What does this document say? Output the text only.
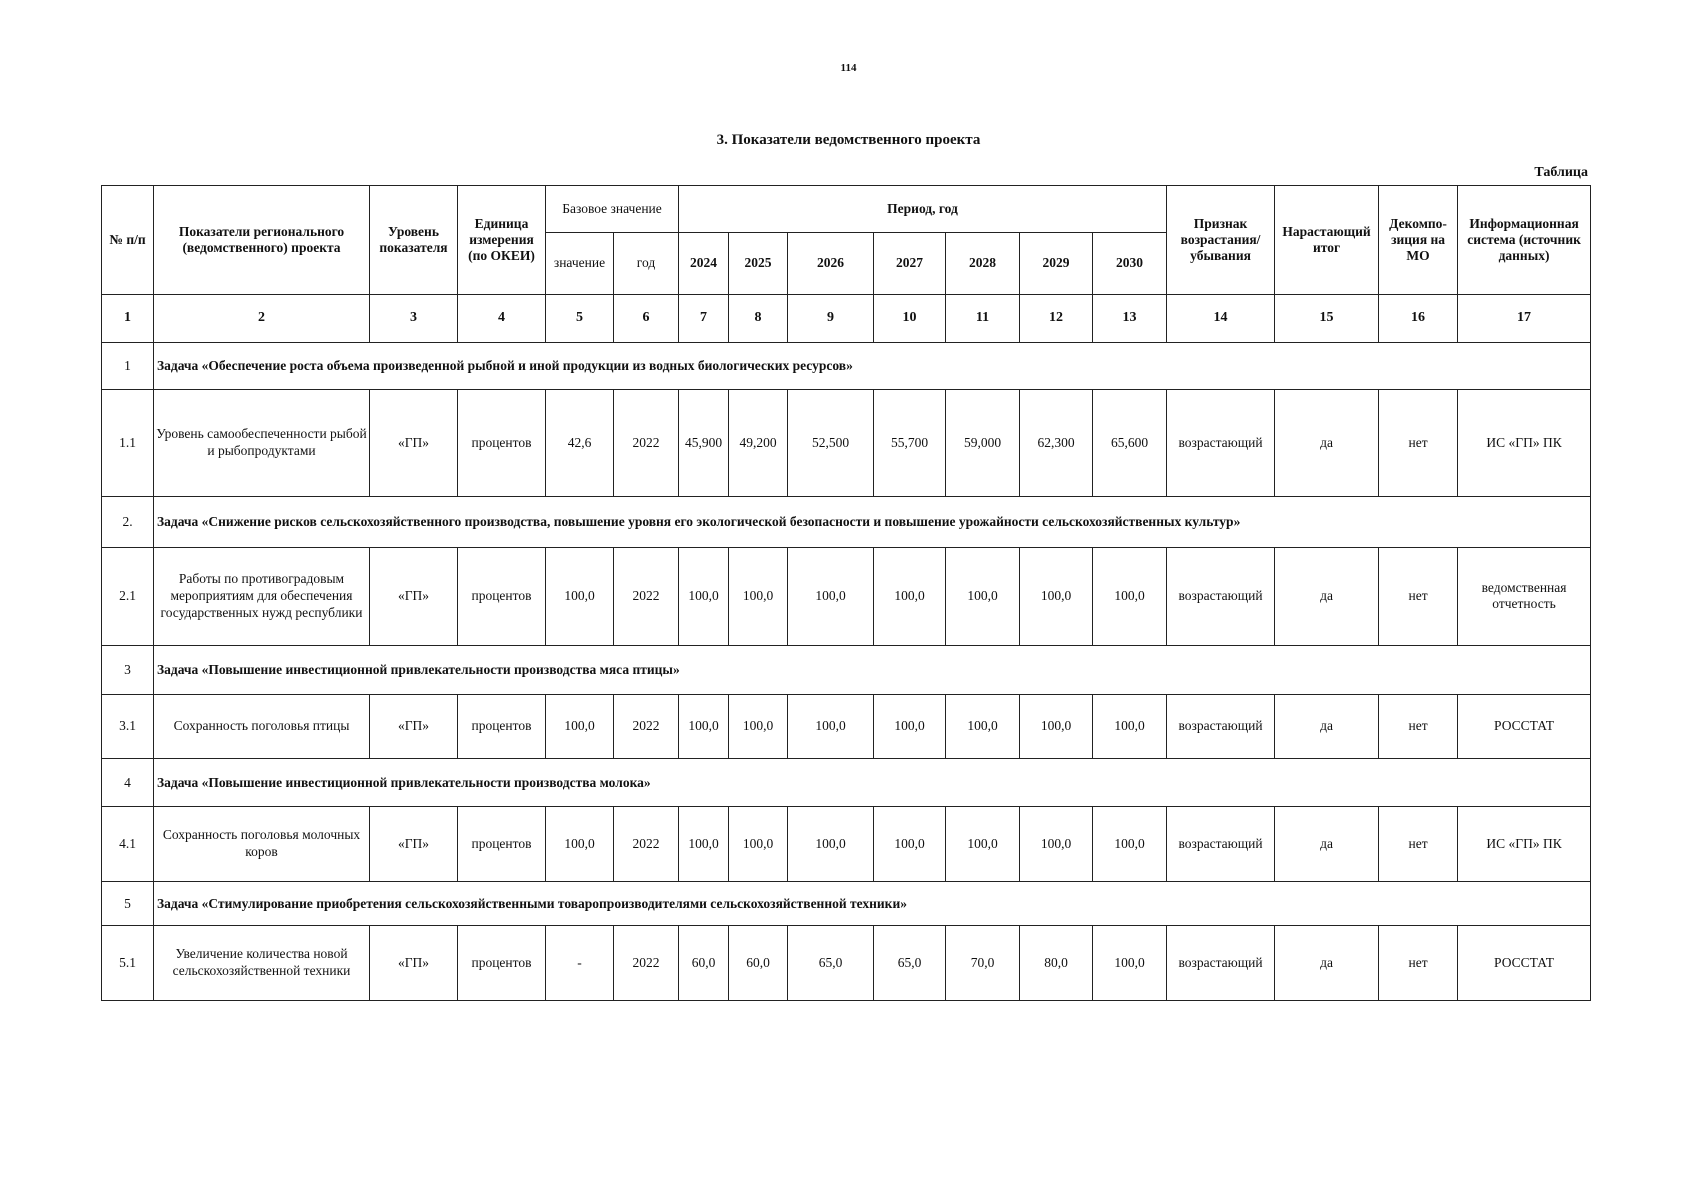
114
3. Показатели ведомственного проекта
Таблица
№ п/п	Показатели регионального (ведомственного) проекта	Уровень показателя	Единица измерения (по ОКЕИ)	Базовое значение		Период, год							Признак возрастания/ убывания	Нарастающий итог	Декомпо- зиция на МО	Информационная система (источник данных)
				значение	год	2024	2025	2026	2027	2028	2029	2030				
1	2	3	4	5	6	7	8	9	10	11	12	13	14	15	16	17
1	Задача «Обеспечение роста объема произведенной рыбной и иной продукции из водных биологических ресурсов»															
1.1	Уровень самообеспеченности рыбой и рыбопродуктами	«ГП»	процентов	42,6	2022	45,900	49,200	52,500	55,700	59,000	62,300	65,600	возрастающий	да	нет	ИС «ГП» ПК
2.	Задача «Снижение рисков сельскохозяйственного производства, повышение уровня его экологической безопасности и повышение урожайности сельскохозяйственных культур»															
2.1	Работы по противоградовым мероприятиям для обеспечения государственных нужд республики	«ГП»	процентов	100,0	2022	100,0	100,0	100,0	100,0	100,0	100,0	100,0	возрастающий	да	нет	ведомственная отчетность
3	Задача «Повышение инвестиционной привлекательности производства мяса птицы»															
3.1	Сохранность поголовья птицы	«ГП»	процентов	100,0	2022	100,0	100,0	100,0	100,0	100,0	100,0	100,0	возрастающий	да	нет	РОССТАТ
4	Задача «Повышение инвестиционной привлекательности производства молока»															
4.1	Сохранность поголовья молочных коров	«ГП»	процентов	100,0	2022	100,0	100,0	100,0	100,0	100,0	100,0	100,0	возрастающий	да	нет	ИС «ГП» ПК
5	Задача «Стимулирование приобретения сельскохозяйственными товаропроизводителями сельскохозяйственной техники»															
5.1	Увеличение количества новой сельскохозяйственной техники	«ГП»	процентов	-	2022	60,0	60,0	65,0	65,0	70,0	80,0	100,0	возрастающий	да	нет	РОССТАТ
